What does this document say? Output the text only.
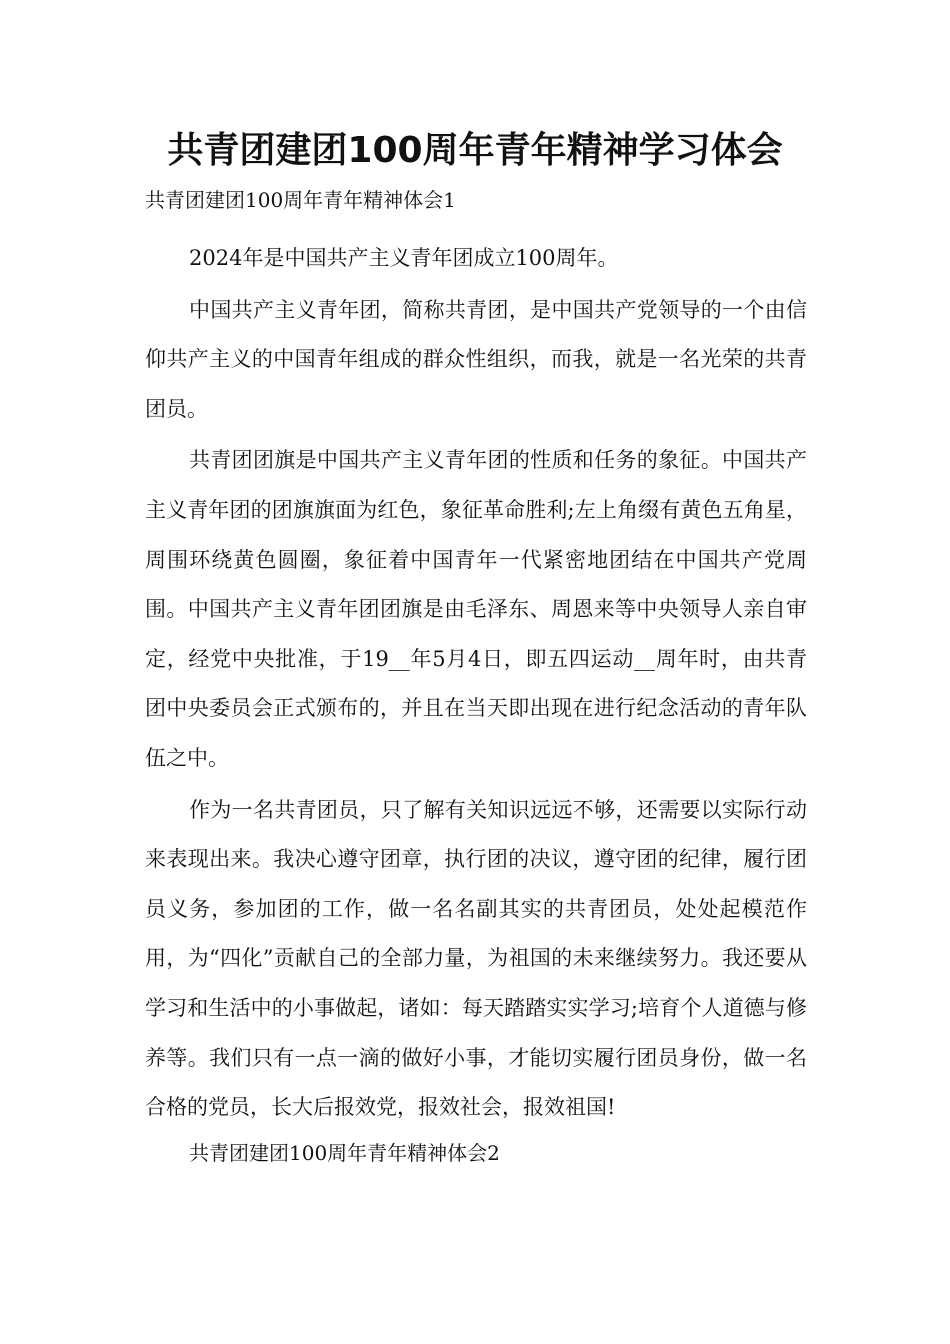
共青团建团100周年青年精神学习体会
共青团建团100周年青年精神体会1

2024年是中国共产主义青年团成立100周年。

中国共产主义青年团，简称共青团，是中国共产党领导的一个由信仰共产主义的中国青年组成的群众性组织，而我，就是一名光荣的共青团员。

共青团团旗是中国共产主义青年团的性质和任务的象征。中国共产主义青年团的团旗旗面为红色，象征革命胜利;左上角缀有黄色五角星，周围环绕黄色圆圈，象征着中国青年一代紧密地团结在中国共产党周围。中国共产主义青年团团旗是由毛泽东、周恩来等中央领导人亲自审定，经党中央批准，于19__年5月4日，即五四运动__周年时，由共青团中央委员会正式颁布的，并且在当天即出现在进行纪念活动的青年队伍之中。

作为一名共青团员，只了解有关知识远远不够，还需要以实际行动来表现出来。我决心遵守团章，执行团的决议，遵守团的纪律，履行团员义务，参加团的工作，做一名名副其实的共青团员，处处起模范作用，为“四化”贡献自己的全部力量，为祖国的未来继续努力。我还要从学习和生活中的小事做起，诸如：每天踏踏实实学习;培育个人道德与修养等。我们只有一点一滴的做好小事，才能切实履行团员身份，做一名合格的党员，长大后报效党，报效社会，报效祖国!

共青团建团100周年青年精神体会2
